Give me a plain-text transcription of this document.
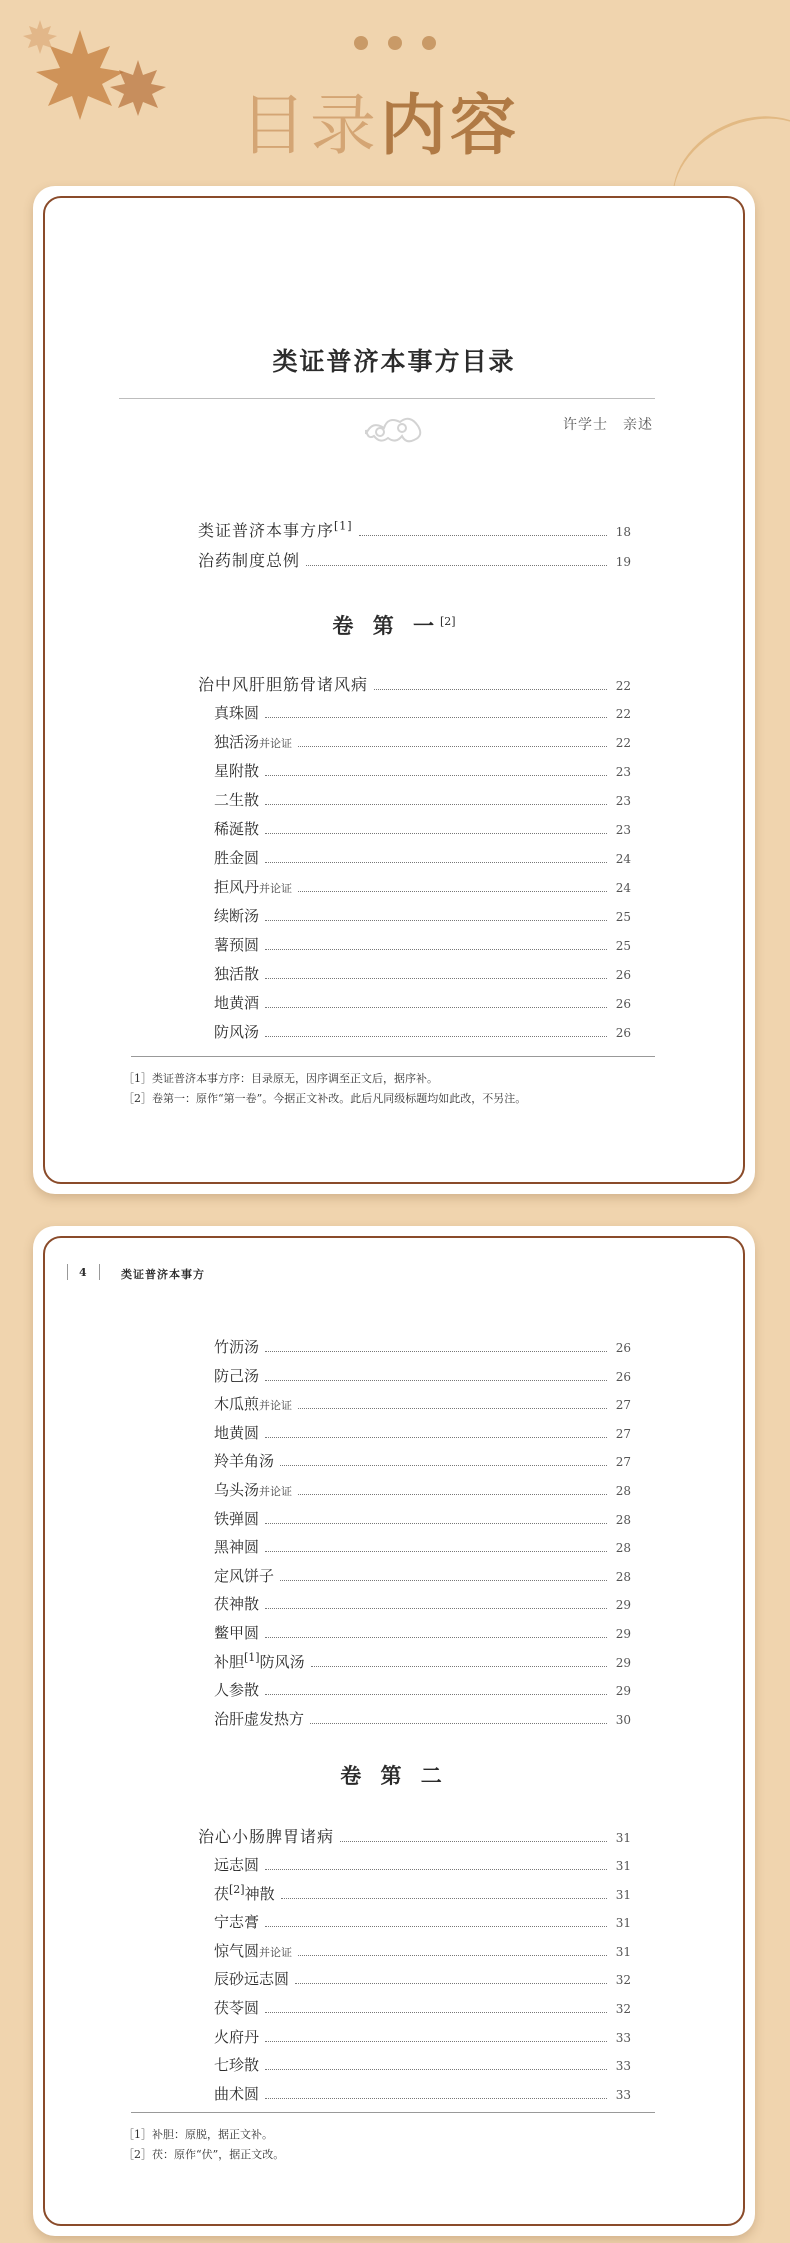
目录内容
类证普济本事方目录
许学士　亲述
类证普济本事方序[1]	18
治药制度总例	19
卷 第 一[2]
治中风肝胆筋骨诸风病	22
真珠圆	22
独活汤并论证	22
星附散	23
二生散	23
稀涎散	23
胜金圆	24
拒风丹并论证	24
续断汤	25
薯预圆	25
独活散	26
地黄酒	26
防风汤	26
［1］类证普济本事方序：目录原无，因序调至正文后，据序补。
［2］卷第一：原作“第一卷”。今据正文补改。此后凡同级标题均如此改，不另注。
4	类证普济本事方
竹沥汤	26
防己汤	26
木瓜煎并论证	27
地黄圆	27
羚羊角汤	27
乌头汤并论证	28
铁弹圆	28
黑神圆	28
定风饼子	28
茯神散	29
鳖甲圆	29
补胆[1]防风汤	29
人参散	29
治肝虚发热方	30
卷 第 二
治心小肠脾胃诸病	31
远志圆	31
茯[2]神散	31
宁志膏	31
惊气圆并论证	31
辰砂远志圆	32
茯苓圆	32
火府丹	33
七珍散	33
曲术圆	33
［1］补胆：原脱，据正文补。
［2］茯：原作“伏”，据正文改。
